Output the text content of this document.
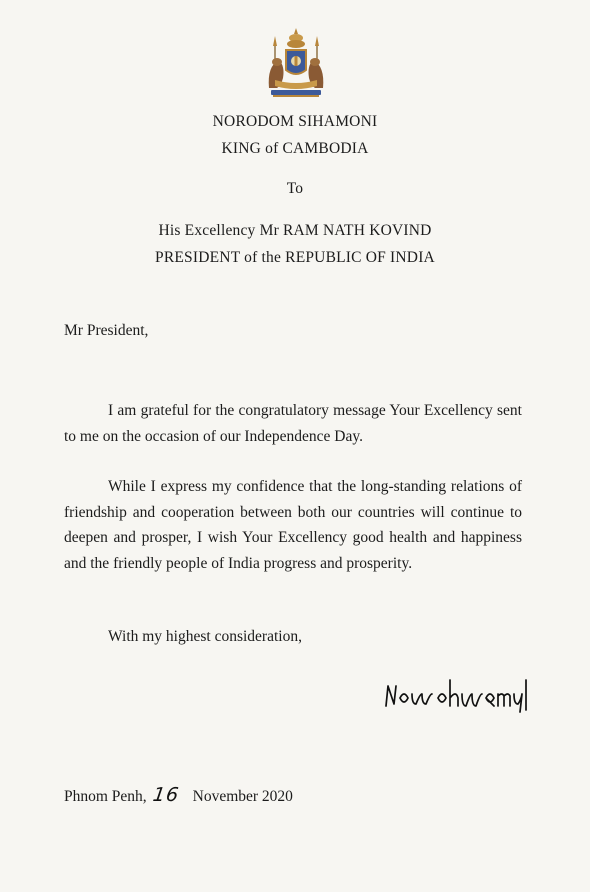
NORODOM SIHAMONI
KING of CAMBODIA
To
His Excellency Mr RAM NATH KOVIND
PRESIDENT of the REPUBLIC OF INDIA
Mr President,
I am grateful for the congratulatory message Your Excellency sent to me on the occasion of our Independence Day.
While I express my confidence that the long-standing relations of friendship and cooperation between both our countries will continue to deepen and prosper, I wish Your Excellency good health and happiness and the friendly people of India progress and prosperity.
With my highest consideration,
Phnom Penh, 16 November 2020
